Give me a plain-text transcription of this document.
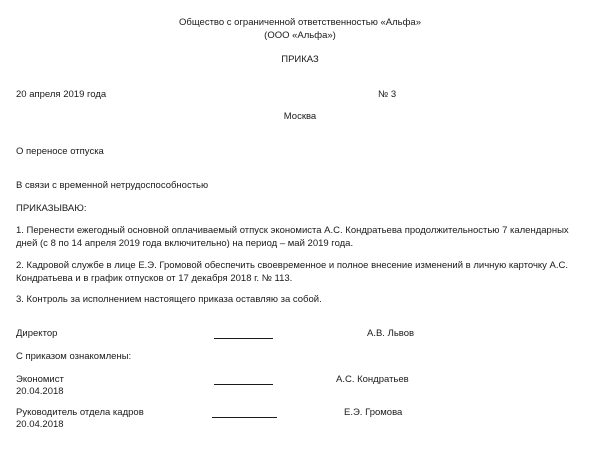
Общество с ограниченной ответственностью «Альфа»
(ООО «Альфа»)
ПРИКАЗ
20 апреля 2019 года	№ 3
Москва
О переносе отпуска
В связи с временной нетрудоспособностью
ПРИКАЗЫВАЮ:
1. Перенести ежегодный основной оплачиваемый отпуск экономиста А.С. Кондратьева продолжительностью 7 календарных дней (с 8 по 14 апреля 2019 года включительно) на период – май 2019 года.
2. Кадровой службе в лице Е.Э. Громовой обеспечить своевременное и полное внесение изменений в личную карточку А.С. Кондратьева и в график отпусков от 17 декабря 2018 г. № 113.
3. Контроль за исполнением настоящего приказа оставляю за собой.
Директор	А.В. Львов
С приказом ознакомлены:
Экономист
20.04.2018
А.С. Кондратьев
Руководитель отдела кадров
20.04.2018
Е.Э. Громова
